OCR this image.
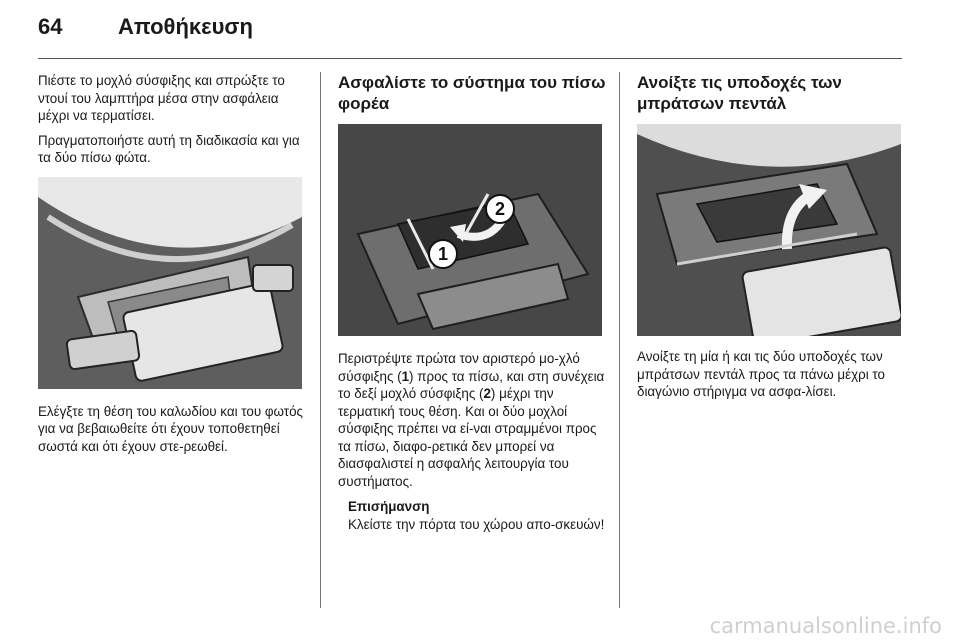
64	Αποθήκευση

Πιέστε το μοχλό σύσφιξης και σπρώξτε το ντουί του λαμπτήρα μέσα στην ασφάλεια μέχρι να τερματίσει.

Πραγματοποιήστε αυτή τη διαδικασία και για τα δύο πίσω φώτα.

Ελέγξτε τη θέση του καλωδίου και του φωτός για να βεβαιωθείτε ότι έχουν τοποθετηθεί σωστά και ότι έχουν στε-ρεωθεί.

Ασφαλίστε το σύστημα του πίσω φορέα
1
2

Περιστρέψτε πρώτα τον αριστερό μο-χλό σύσφιξης (1) προς τα πίσω, και στη συνέχεια το δεξί μοχλό σύσφιξης (2) μέχρι την τερματική τους θέση. Και οι δύο μοχλοί σύσφιξης πρέπει να εί-ναι στραμμένοι προς τα πίσω, διαφο-ρετικά δεν μπορεί να διασφαλιστεί η ασφαλής λειτουργία του συστήματος.

Επισήμανση
Κλείστε την πόρτα του χώρου απο-σκευών!
Ανοίξτε τις υποδοχές των μπράτσων πεντάλ

Ανοίξτε τη μία ή και τις δύο υποδοχές των μπράτσων πεντάλ προς τα πάνω μέχρι το διαγώνιο στήριγμα να ασφα-λίσει.

carmanualsonline.info
